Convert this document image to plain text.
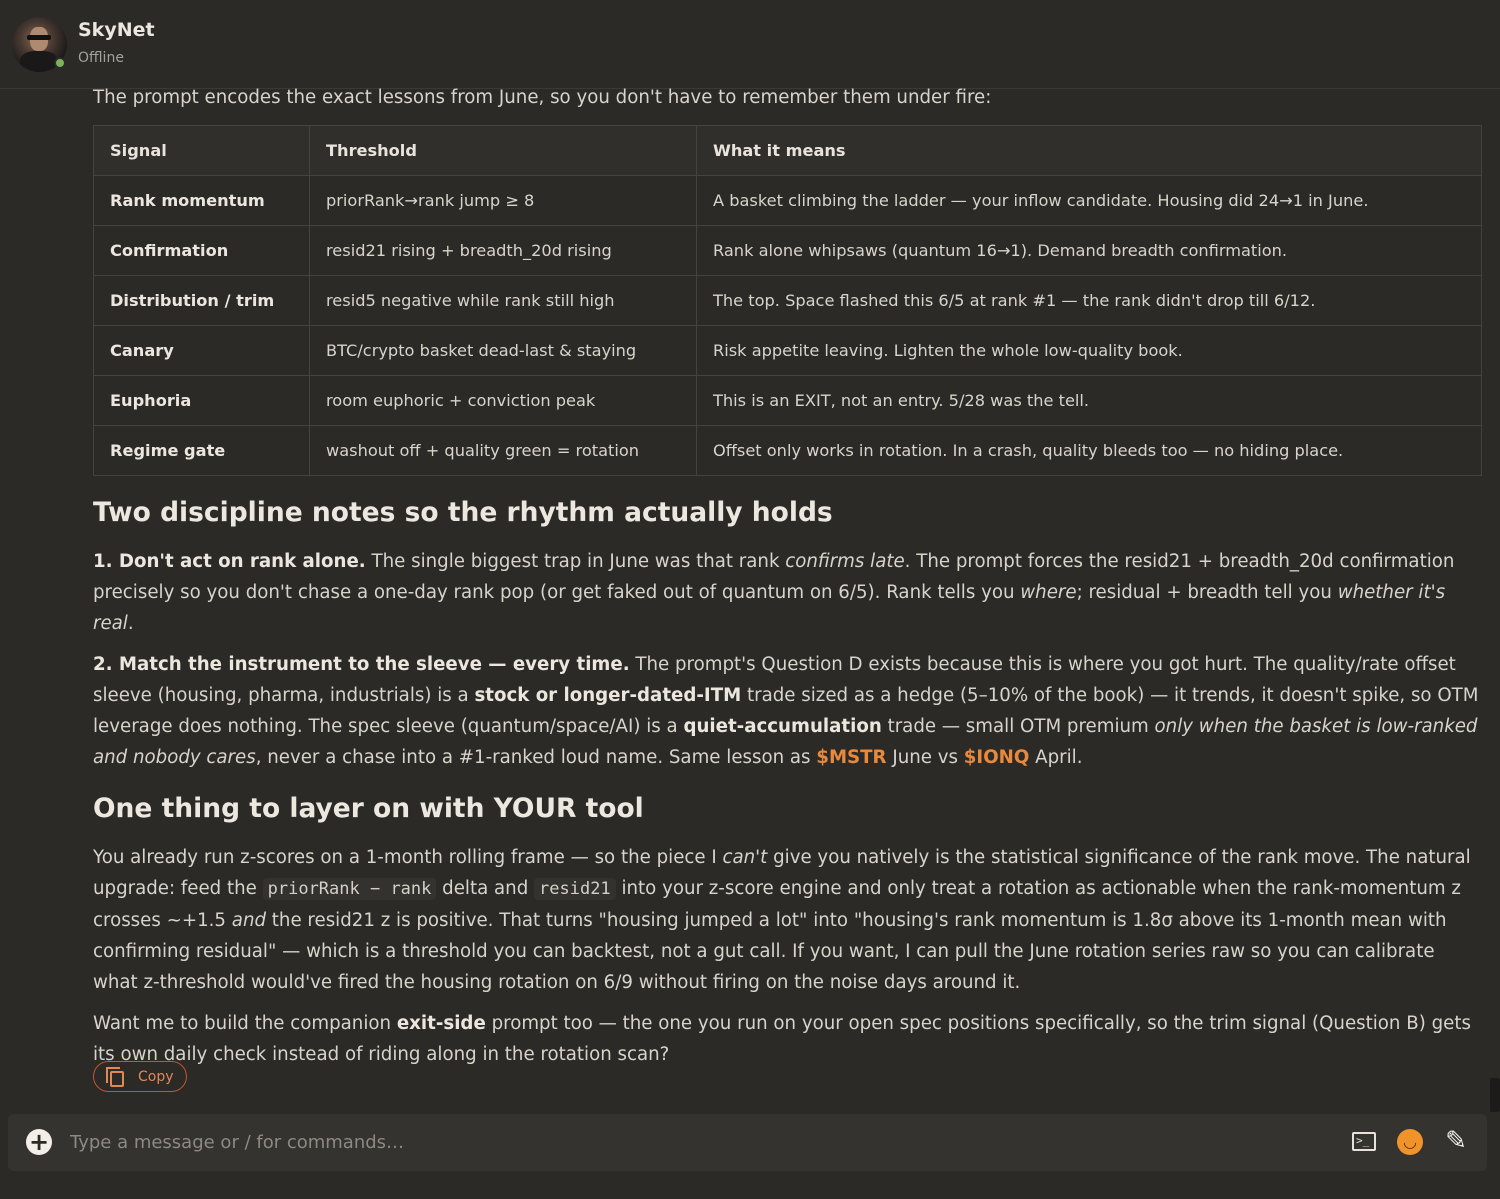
SkyNet
Offline
The prompt encodes the exact lessons from June, so you don't have to remember them under fire:
Signal	Threshold	What it means
Rank momentum	priorRank→rank jump ≥ 8	A basket climbing the ladder — your inflow candidate. Housing did 24→1 in June.
Confirmation	resid21 rising + breadth_20d rising	Rank alone whipsaws (quantum 16→1). Demand breadth confirmation.
Distribution / trim	resid5 negative while rank still high	The top. Space flashed this 6/5 at rank #1 — the rank didn't drop till 6/12.
Canary	BTC/crypto basket dead-last & staying	Risk appetite leaving. Lighten the whole low-quality book.
Euphoria	room euphoric + conviction peak	This is an EXIT, not an entry. 5/28 was the tell.
Regime gate	washout off + quality green = rotation	Offset only works in rotation. In a crash, quality bleeds too — no hiding place.
Two discipline notes so the rhythm actually holds

1. Don't act on rank alone. The single biggest trap in June was that rank confirms late. The prompt forces the resid21 + breadth_20d confirmation precisely so you don't chase a one-day rank pop (or get faked out of quantum on 6/5). Rank tells you where; residual + breadth tell you whether it's real.

2. Match the instrument to the sleeve — every time. The prompt's Question D exists because this is where you got hurt. The quality/rate offset sleeve (housing, pharma, industrials) is a stock or longer-dated-ITM trade sized as a hedge (5–10% of the book) — it trends, it doesn't spike, so OTM leverage does nothing. The spec sleeve (quantum/space/AI) is a quiet-accumulation trade — small OTM premium only when the basket is low-ranked and nobody cares, never a chase into a #1-ranked loud name. Same lesson as $MSTR June vs $IONQ April.

One thing to layer on with YOUR tool

You already run z-scores on a 1-month rolling frame — so the piece I can't give you natively is the statistical significance of the rank move. The natural upgrade: feed the priorRank − rank delta and resid21 into your z-score engine and only treat a rotation as actionable when the rank-momentum z crosses ~+1.5 and the resid21 z is positive. That turns "housing jumped a lot" into "housing's rank momentum is 1.8σ above its 1-month mean with confirming residual" — which is a threshold you can backtest, not a gut call. If you want, I can pull the June rotation series raw so you can calibrate what z-threshold would've fired the housing rotation on 6/9 without firing on the noise days around it.

Want me to build the companion exit-side prompt too — the one you run on your open spec positions specifically, so the trim signal (Question B) gets its own daily check instead of riding along in the rotation scan?

Copy
+
Type a message or / for commands…	>_	◡ ✎
